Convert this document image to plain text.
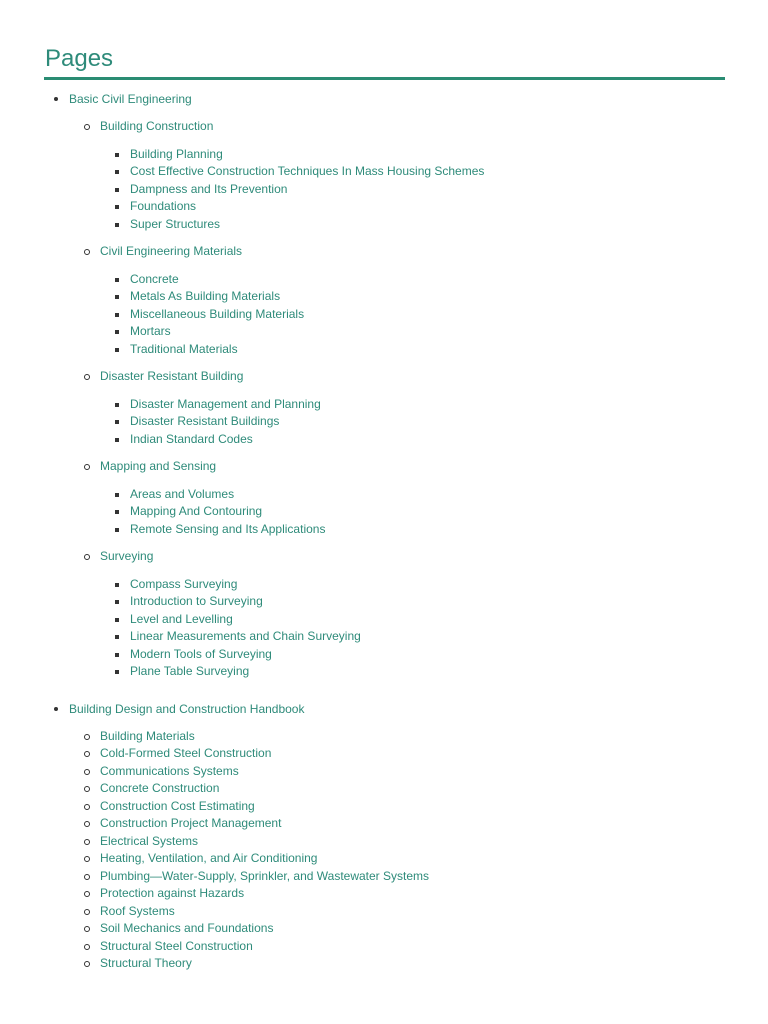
Pages
Basic Civil Engineering
Building Construction
Building Planning
Cost Effective Construction Techniques In Mass Housing Schemes
Dampness and Its Prevention
Foundations
Super Structures
Civil Engineering Materials
Concrete
Metals As Building Materials
Miscellaneous Building Materials
Mortars
Traditional Materials
Disaster Resistant Building
Disaster Management and Planning
Disaster Resistant Buildings
Indian Standard Codes
Mapping and Sensing
Areas and Volumes
Mapping And Contouring
Remote Sensing and Its Applications
Surveying
Compass Surveying
Introduction to Surveying
Level and Levelling
Linear Measurements and Chain Surveying
Modern Tools of Surveying
Plane Table Surveying
Building Design and Construction Handbook
Building Materials
Cold-Formed Steel Construction
Communications Systems
Concrete Construction
Construction Cost Estimating
Construction Project Management
Electrical Systems
Heating, Ventilation, and Air Conditioning
Plumbing—Water-Supply, Sprinkler, and Wastewater Systems
Protection against Hazards
Roof Systems
Soil Mechanics and Foundations
Structural Steel Construction
Structural Theory
